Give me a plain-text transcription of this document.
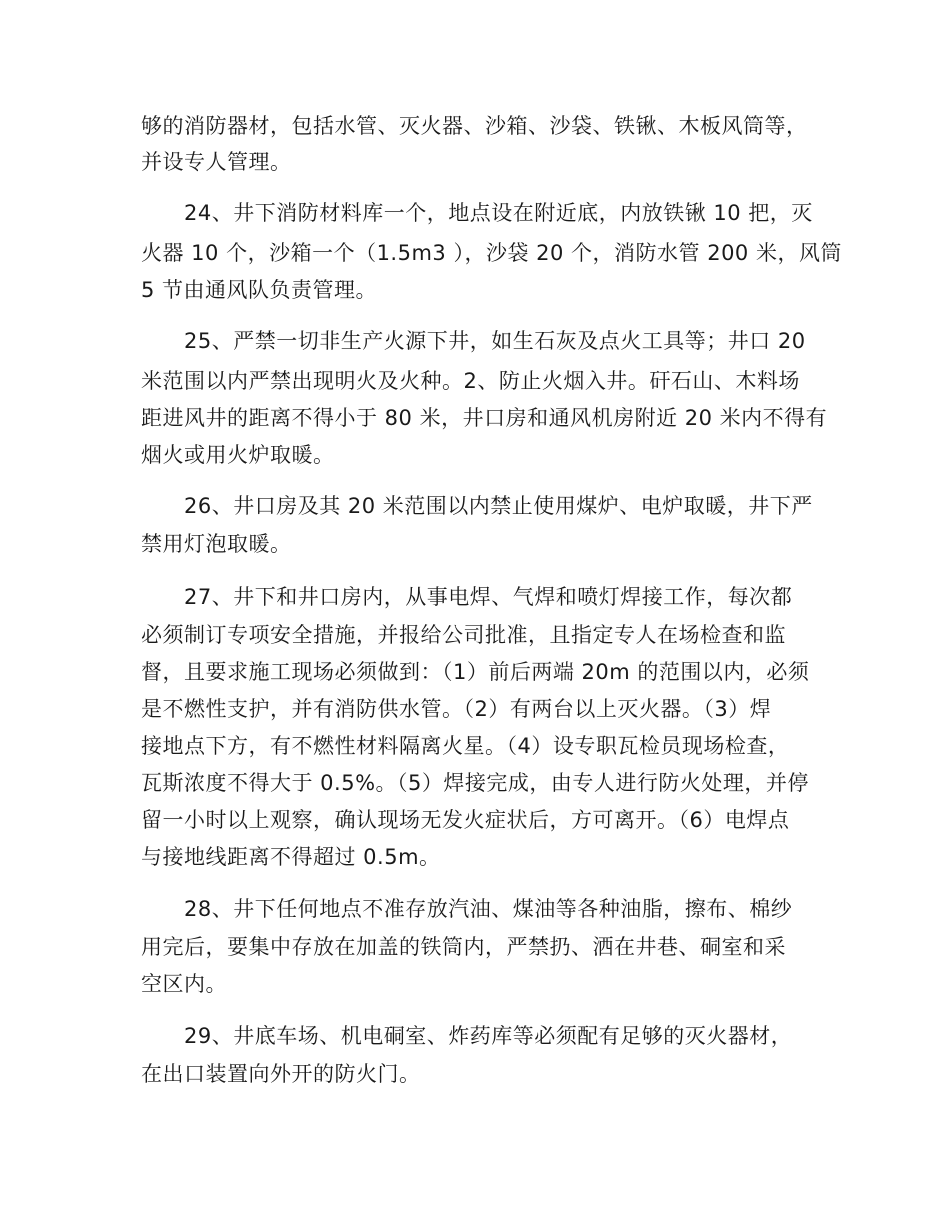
够的消防器材，包括水管、灭火器、沙箱、沙袋、铁锹、木板风筒等，
并设专人管理。
24、井下消防材料库一个，地点设在附近底，内放铁锹 10 把，灭
火器 10 个，沙箱一个（1.5m3 ），沙袋 20 个，消防水管 200 米，风筒
5 节由通风队负责管理。
25、严禁一切非生产火源下井，如生石灰及点火工具等；井口 20
米范围以内严禁出现明火及火种。2、防止火烟入井。矸石山、木料场
距进风井的距离不得小于 80 米，井口房和通风机房附近 20 米内不得有
烟火或用火炉取暖。
26、井口房及其 20 米范围以内禁止使用煤炉、电炉取暖，井下严
禁用灯泡取暖。
27、井下和井口房内，从事电焊、气焊和喷灯焊接工作，每次都
必须制订专项安全措施，并报给公司批准，且指定专人在场检查和监
督，且要求施工现场必须做到：（1）前后两端 20m 的范围以内，必须
是不燃性支护，并有消防供水管。（2）有两台以上灭火器。（3）焊
接地点下方，有不燃性材料隔离火星。（4）设专职瓦检员现场检查，
瓦斯浓度不得大于 0.5%。（5）焊接完成，由专人进行防火处理，并停
留一小时以上观察，确认现场无发火症状后，方可离开。（6）电焊点
与接地线距离不得超过 0.5m。
28、井下任何地点不准存放汽油、煤油等各种油脂，擦布、棉纱
用完后，要集中存放在加盖的铁筒内，严禁扔、洒在井巷、硐室和采
空区内。
29、井底车场、机电硐室、炸药库等必须配有足够的灭火器材，
在出口装置向外开的防火门。
